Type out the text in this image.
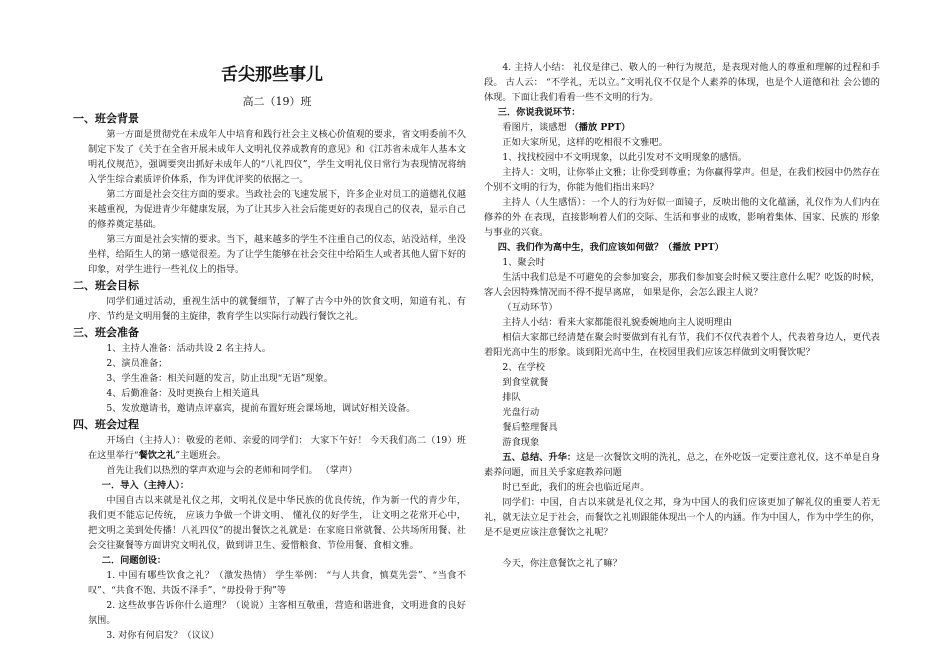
舌尖那些事儿
高二（19）班
一、班会背景

第一方面是贯彻党在未成年人中培育和践行社会主义核心价值观的要求，省文明委前不久制定下发了《关于在全省开展未成年人文明礼仪养成教育的意见》和《江苏省未成年人基本文明礼仪规范》，强调要突出抓好未成年人的“八礼四仪”，学生文明礼仪日常行为表现情况将纳入学生综合素质评价体系，作为评优评奖的依据之一。

第二方面是社会交往方面的要求。当政社会的飞速发展下，许多企业对员工的道德礼仪越来越重视，为促进青少年健康发展，为了让其步入社会后能更好的表现自己的仪表，显示自己的修养奠定基础。

第三方面是社会实情的要求。当下，越来越多的学生不注重自己的仪态，站没站样，坐没坐样，给陌生人的第一感觉很差。为了让学生能够在社会交往中给陌生人或者其他人留下好的印象，对学生进行一些礼仪上的指导。

二、班会目标

同学们通过活动，重视生活中的就餐细节，了解了古今中外的饮食文明，知道有礼、有序、节约是文明用餐的主旋律，教育学生以实际行动践行餐饮之礼。

三、班会准备
1、主持人准备：活动共设 2 名主持人。
2、演员准备；
3、学生准备：相关问题的发言，防止出现“无语”现象。
4、后勤准备：及时更换台上相关道具
5、发放邀请书，邀请点评嘉宾，提前布置好班会课场地，调试好相关设备。
四、班会过程

开场白（主持人）：敬爱的老师、亲爱的同学们： 大家下午好！ 今天我们高二（19）班在这里举行“餐饮之礼”主题班会。

首先让我们以热烈的掌声欢迎与会的老师和同学们。 （掌声）

一．导入（主持人）：

中国自古以来就是礼仪之邦，文明礼仪是中华民族的优良传统，作为新一代的青少年， 我们更不能忘记传统， 应该力争做一个讲文明、 懂礼仪的好学生， 让文明之花常开心中， 把文明之美到处传播！八礼四仪”的提出餐饮之礼就是：在家庭日常就餐、公共场所用餐、社会交往聚餐等方面讲究文明礼仪，做到讲卫生、爱惜粮食、节俭用餐、食相文雅。

二．问题创设：

1. 中国有哪些饮食之礼？（激发热情） 学生举例： “与人共食，慎莫先尝”、“当食不叹”、“共食不饱、共饭不泽手”、“毋投骨于狗”等

2. 这些故事告诉你什么道理？（说说）主客相互敬重，营造和谐进食，文明进食的良好氛围。

3. 对你有何启发？（议议）

4. 主持人小结： 礼仪是律己、敬人的一种行为规范，是表现对他人的尊重和理解的过程和手段。 古人云： “不学礼，无以立。”文明礼仪不仅是个人素养的体现，也是个人道德和社 会公德的体现。下面让我们看看一些不文明的行为。

三．你说我说环节：

看图片，谈感想 （播放 PPT）

正如大家所见，这样的吃相很不文雅吧。

1、找找校园中不文明现象，以此引发对不文明现象的感悟。

主持人：文明，让你举止文雅；让你受到尊重；为你赢得掌声。但是，在我们校园中仍然存在个别不文明的行为，你能为他们指出来吗？

主持人（人生感悟）：一个人的行为好似一面镜子，反映出他的文化蕴涵，礼仪作为人们内在修养的外 在表现，直接影响着人们的交际、生活和事业的成败，影响着集体、国家、民族的 形象与事业的兴衰。

四、我们作为高中生，我们应该如何做？（播放 PPT）

1、聚会时

生活中我们总是不可避免的会参加宴会，那我们参加宴会时候又要注意什么呢？吃饭的时候，客人会因特殊情况而不得不提早离席， 如果是你，会怎么跟主人说？

（互动环节）

主持人小结：看来大家都能很礼貌委婉地向主人说明理由

相信大家都已经清楚在聚会时要做到有礼有节，我们不仅代表着个人，代表着身边人，更代表着阳光高中生的形象。谈到阳光高中生，在校园里我们应该怎样做到文明餐饮呢？

2、在学校

到食堂就餐

排队

光盘行动

餐后整理餐具

游食现象

五、总结、升华：这是一次餐饮文明的洗礼，总之，在外吃饭一定要注意礼仪，这不单是自身素养问题，而且关乎家庭教养问题

时已至此，我们的班会也临近尾声。

同学们：中国，自古以来就是礼仪之邦，身为中国人的我们应该更加了解礼仪的重要人若无礼，就无法立足于社会，而餐饮之礼则跟能体现出一个人的内涵。作为中国人，作为中学生的你，是不是更应该注意餐饮之礼呢？

今天，你注意餐饮之礼了嘛？
